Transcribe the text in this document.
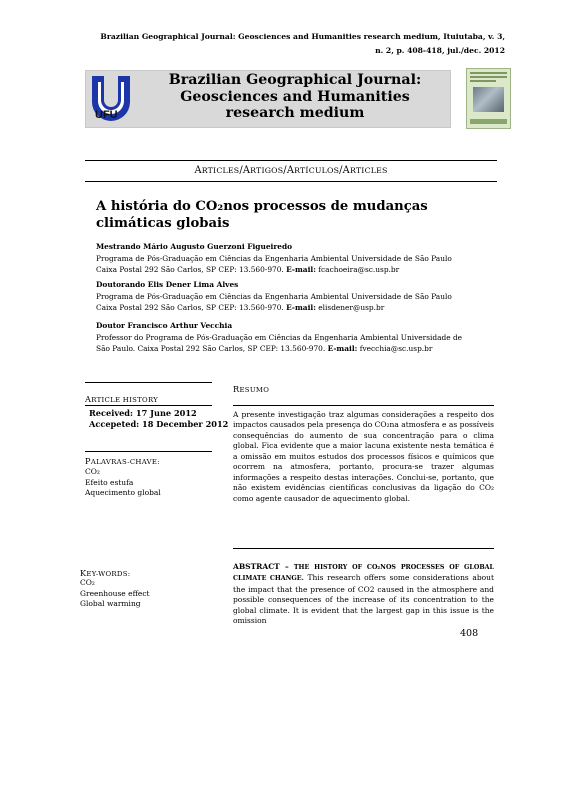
Brazilian Geographical Journal: Geosciences and Humanities research medium, Ituiutaba, v. 3,
n. 2, p. 408-418, jul./dec. 2012
UFU
Brazilian Geographical Journal: Geosciences and Humanities research medium
ARTICLES/ARTIGOS/ARTÍCULOS/ARTICLES
A história do CO₂nos processos de mudanças climáticas globais
Mestrando Mário Augusto Guerzoni Figueiredo
Programa de Pós-Graduação em Ciências da Engenharia Ambiental Universidade de São Paulo
Caixa Postal 292 São Carlos, SP CEP: 13.560-970. E-mail: fcachoeira@sc.usp.br
Doutorando Elis Dener Lima Alves
Programa de Pós-Graduação em Ciências da Engenharia Ambiental Universidade de São Paulo
Caixa Postal 292 São Carlos, SP CEP: 13.560-970. E-mail: elisdener@usp.br
Doutor Francisco Arthur Vecchia
Professor do Programa de Pós-Graduação em Ciências da Engenharia Ambiental Universidade de
São Paulo. Caixa Postal 292 São Carlos, SP CEP: 13.560-970. E-mail: fvecchia@sc.usp.br
ARTICLE HISTORY
Received: 17 June 2012
Accepeted: 18 December 2012
PALAVRAS-CHAVE:
CO₂
Efeito estufa
Aquecimento global
KEY-WORDS:
CO₂
Greenhouse effect
Global warming
RESUMO
A presente investigação traz algumas considerações a respeito dos impactos causados pela presença do CO₂na atmosfera e as possíveis consequências do aumento de sua concentração para o clima global. Fica evidente que a maior lacuna existente nesta temática é a omissão em muitos estudos dos processos físicos e químicos que ocorrem na atmosfera, portanto, procura-se trazer algumas informações a respeito destas interações. Conclui-se, portanto, que não existem evidências científicas conclusivas da ligação do CO₂ como agente causador de aquecimento global.
ABSTRACT – THE HISTORY OF CO₂NOS PROCESSES OF GLOBAL CLIMATE CHANGE. This research offers some considerations about the impact that the presence of CO2 caused in the atmosphere and possible consequences of the increase of its concentration to the global climate. It is evident that the largest gap in this issue is the omission
408
